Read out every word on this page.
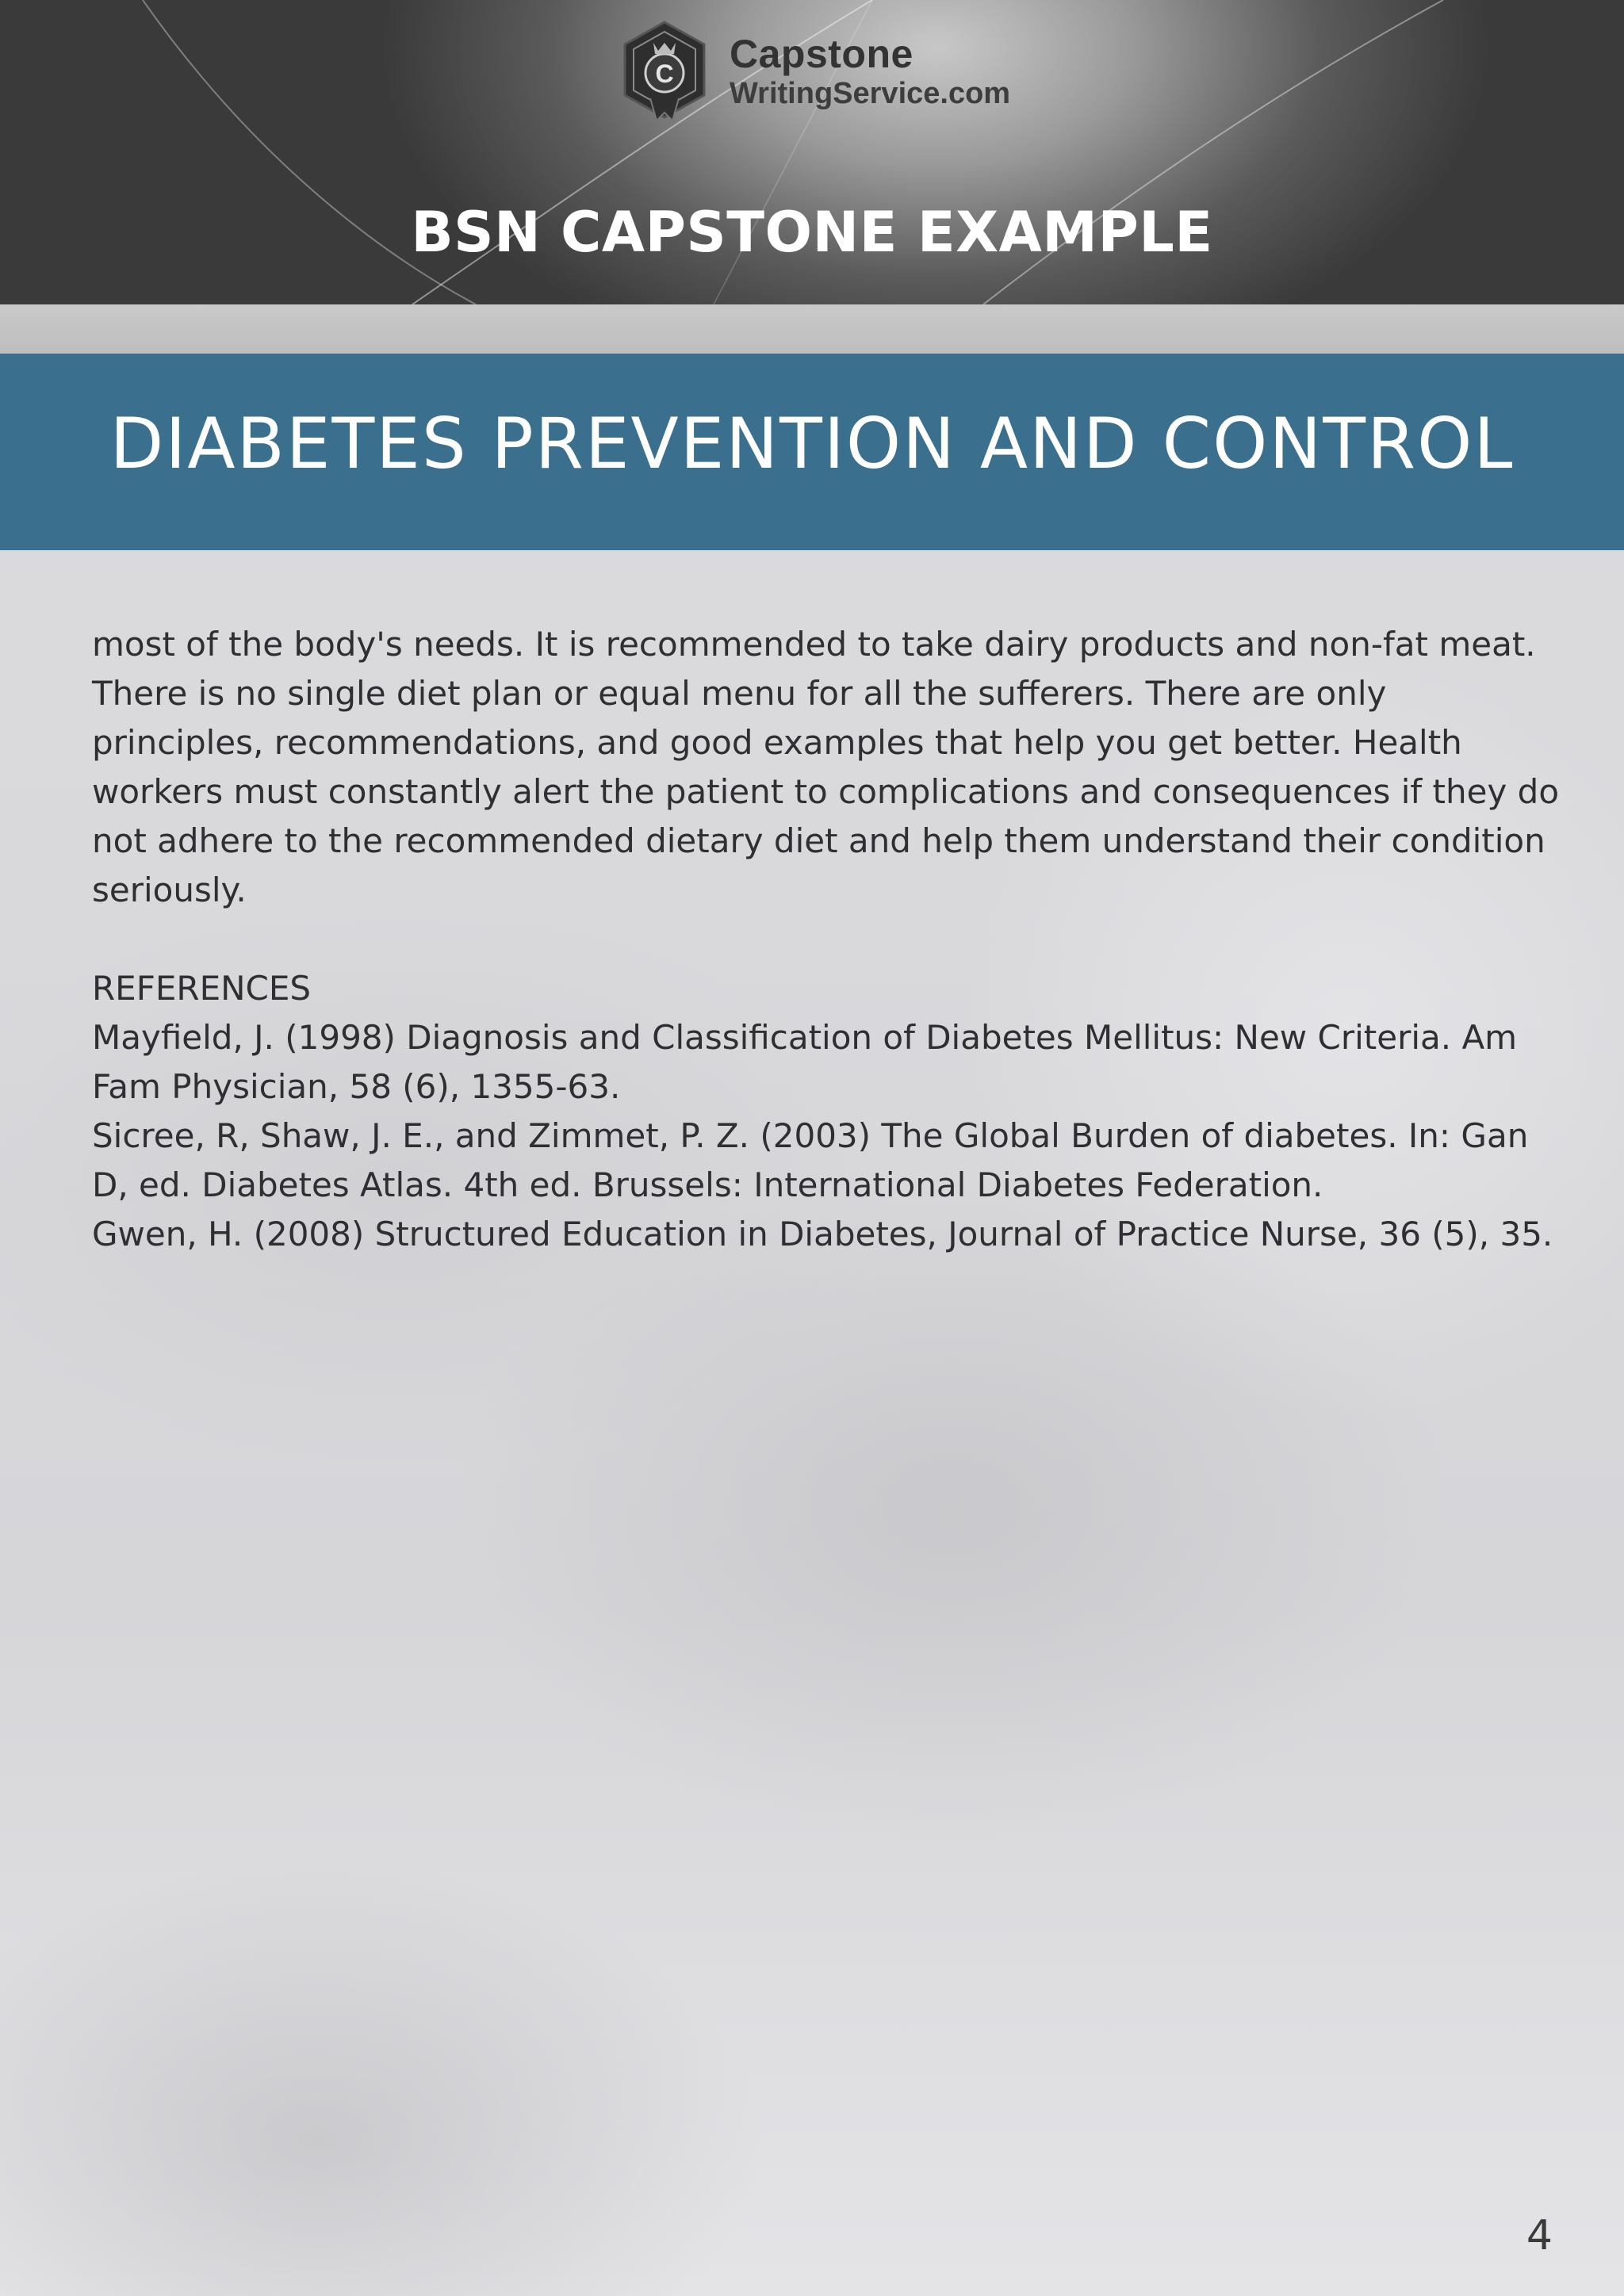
C Capstone
WritingService.com
BSN CAPSTONE EXAMPLE
DIABETES PREVENTION AND CONTROL

most of the body's needs. It is recommended to take dairy products and non-fat meat. There is no single diet plan or equal menu for all the sufferers. There are only principles, recommendations, and good examples that help you get better. Health workers must constantly alert the patient to complications and consequences if they do not adhere to the recommended dietary diet and help them understand their condition seriously.

REFERENCES

Mayfield, J. (1998) Diagnosis and Classification of Diabetes Mellitus: New Criteria. Am Fam Physician, 58 (6), 1355-63.

Sicree, R, Shaw, J. E., and Zimmet, P. Z. (2003) The Global Burden of diabetes. In: Gan D, ed. Diabetes Atlas. 4th ed. Brussels: International Diabetes Federation.

Gwen, H. (2008) Structured Education in Diabetes, Journal of Practice Nurse, 36 (5), 35.

4
